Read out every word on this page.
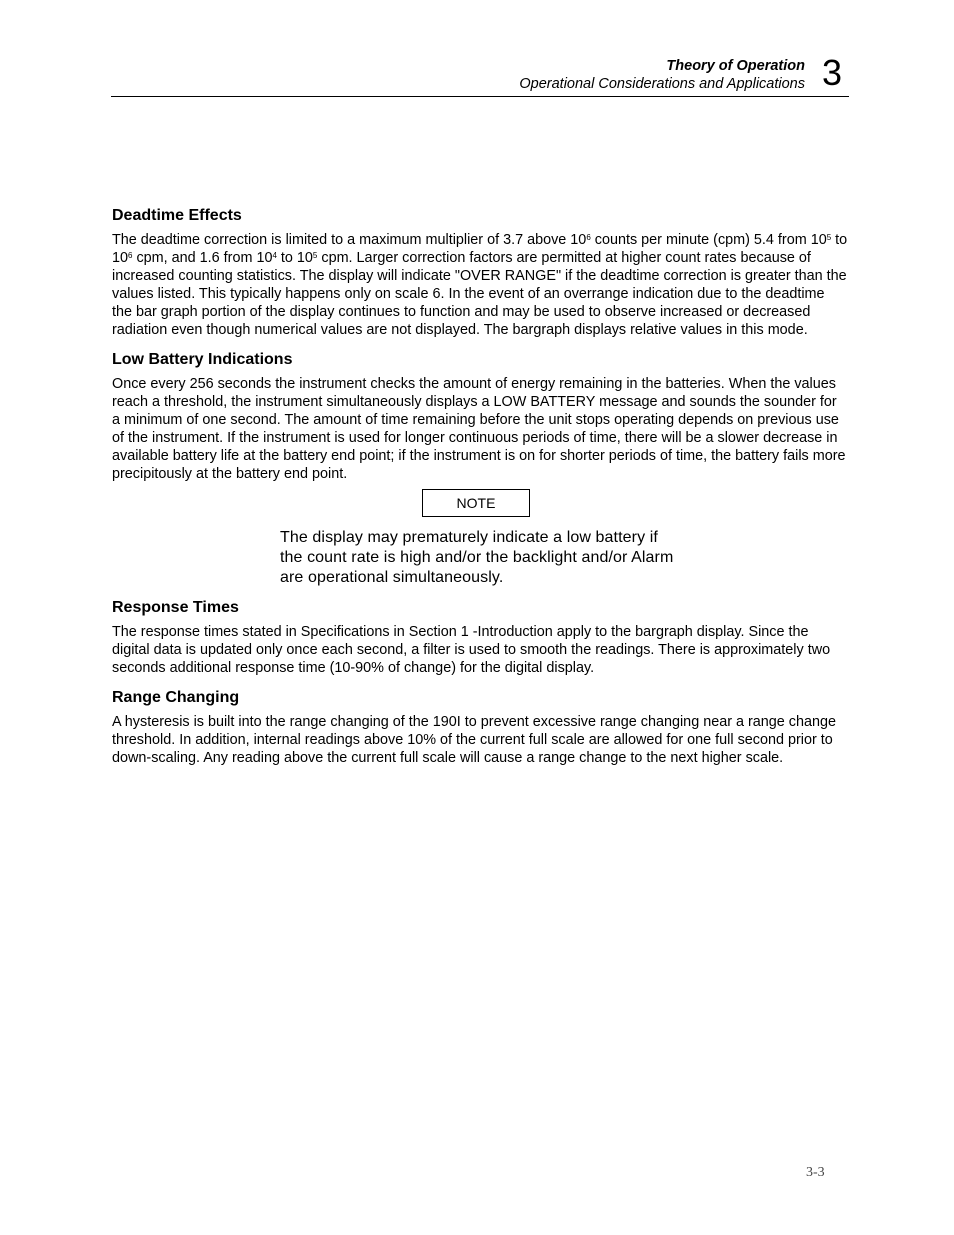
Theory of Operation
Operational Considerations and Applications 3
Deadtime Effects

The deadtime correction is limited to a maximum multiplier of 3.7 above $10^6$ counts per minute (cpm) 5.4 from $10^5$ to $10^6$ cpm, and 1.6 from $10^4$ to $10^5$ cpm. Larger correction factors are permitted at higher count rates because of increased counting statistics. The display will indicate "OVER RANGE" if the deadtime correction is greater than the values listed. This typically happens only on scale 6. In the event of an overrange indication due to the deadtime the bar graph portion of the display continues to function and may be used to observe increased or decreased radiation even though numerical values are not displayed. The bargraph displays relative values in this mode.

Low Battery Indications

Once every 256 seconds the instrument checks the amount of energy remaining in the batteries. When the values reach a threshold, the instrument simultaneously displays a LOW BATTERY message and sounds the sounder for a minimum of one second. The amount of time remaining before the unit stops operating depends on previous use of the instrument. If the instrument is used for longer continuous periods of time, there will be a slower decrease in available battery life at the battery end point; if the instrument is on for shorter periods of time, the battery fails more precipitously at the battery end point.

NOTE
The display may prematurely indicate a low battery if the count rate is high and/or the backlight and/or Alarm are operational simultaneously.
Response Times

The response times stated in Specifications in Section 1 -Introduction apply to the bargraph display. Since the digital data is updated only once each second, a filter is used to smooth the readings. There is approximately two seconds additional response time (10-90% of change) for the digital display.

Range Changing

A hysteresis is built into the range changing of the 190I to prevent excessive range changing near a range change threshold. In addition, internal readings above 10% of the current full scale are allowed for one full second prior to down-scaling. Any reading above the current full scale will cause a range change to the next higher scale.

3-3
